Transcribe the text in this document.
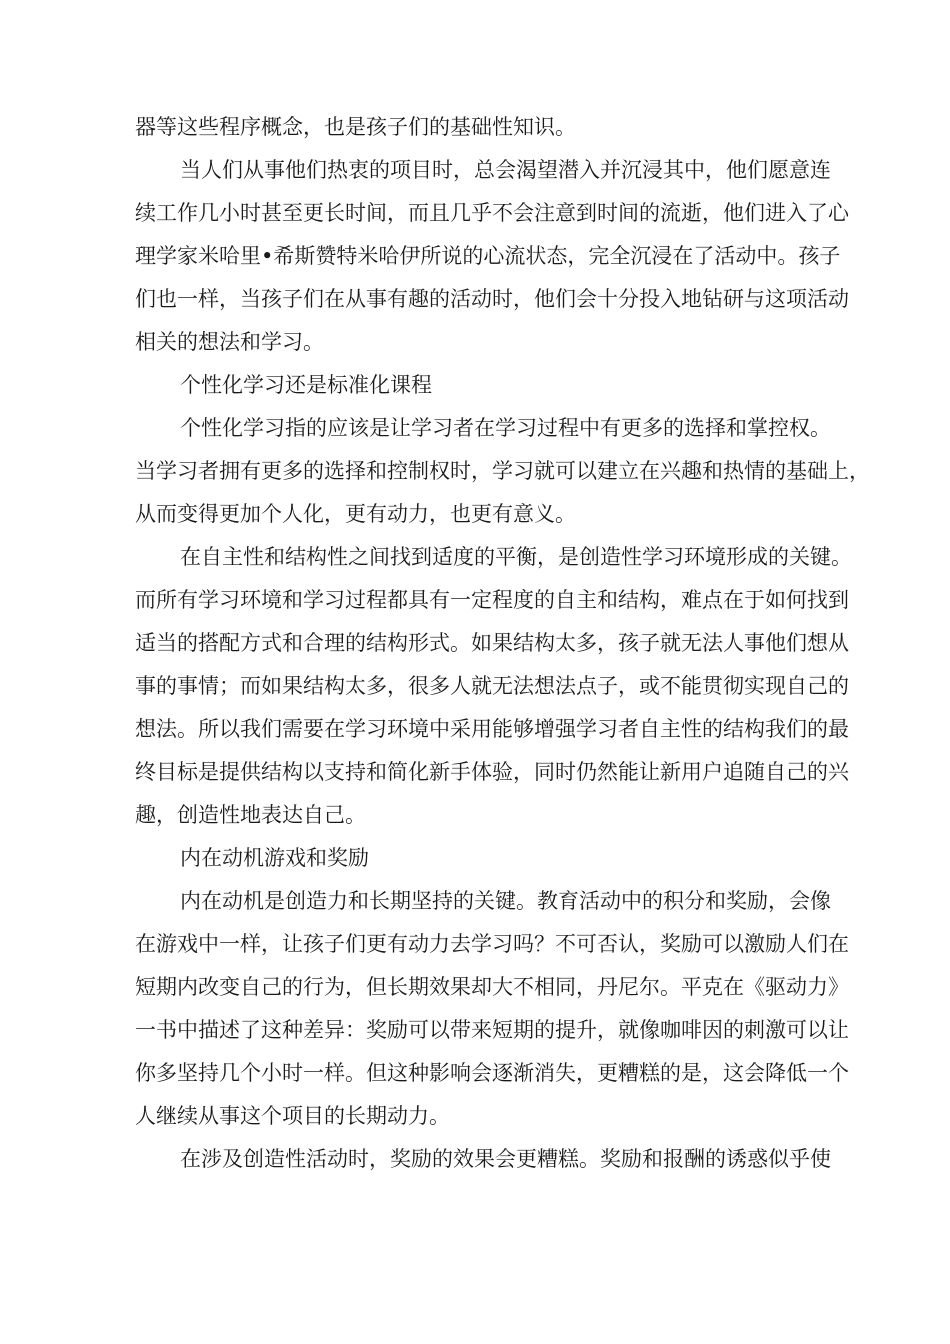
器等这些程序概念，也是孩子们的基础性知识。
当人们从事他们热衷的项目时，总会渴望潜入并沉浸其中，他们愿意连
续工作几小时甚至更长时间，而且几乎不会注意到时间的流逝，他们进入了心
理学家米哈里•希斯赞特米哈伊所说的心流状态，完全沉浸在了活动中。孩子
们也一样，当孩子们在从事有趣的活动时，他们会十分投入地钻研与这项活动
相关的想法和学习。
个性化学习还是标准化课程
个性化学习指的应该是让学习者在学习过程中有更多的选择和掌控权。
当学习者拥有更多的选择和控制权时，学习就可以建立在兴趣和热情的基础上，
从而变得更加个人化，更有动力，也更有意义。
在自主性和结构性之间找到适度的平衡，是创造性学习环境形成的关键。
而所有学习环境和学习过程都具有一定程度的自主和结构，难点在于如何找到
适当的搭配方式和合理的结构形式。如果结构太多，孩子就无法人事他们想从
事的事情；而如果结构太多，很多人就无法想法点子，或不能贯彻实现自己的
想法。所以我们需要在学习环境中采用能够增强学习者自主性的结构我们的最
终目标是提供结构以支持和简化新手体验，同时仍然能让新用户追随自己的兴
趣，创造性地表达自己。
内在动机游戏和奖励
内在动机是创造力和长期坚持的关键。教育活动中的积分和奖励，会像
在游戏中一样，让孩子们更有动力去学习吗？不可否认，奖励可以激励人们在
短期内改变自己的行为，但长期效果却大不相同，丹尼尔。平克在《驱动力》
一书中描述了这种差异：奖励可以带来短期的提升，就像咖啡因的刺激可以让
你多坚持几个小时一样。但这种影响会逐渐消失，更糟糕的是，这会降低一个
人继续从事这个项目的长期动力。
在涉及创造性活动时，奖励的效果会更糟糕。奖励和报酬的诱惑似乎使
